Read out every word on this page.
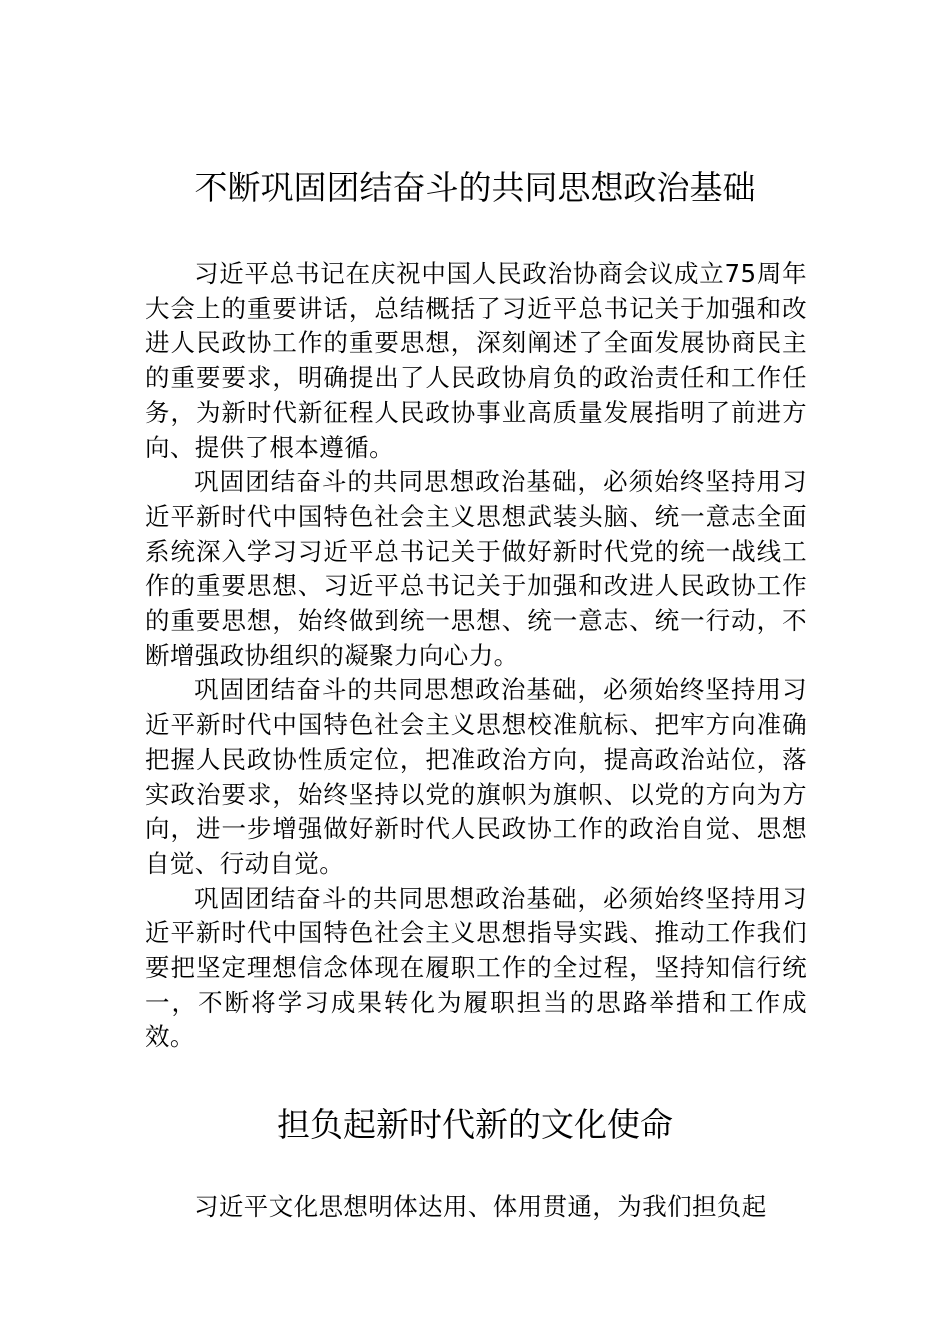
不断巩固团结奋斗的共同思想政治基础

习近平总书记在庆祝中国人民政治协商会议成立75周年大会上的重要讲话，总结概括了习近平总书记关于加强和改进人民政协工作的重要思想，深刻阐述了全面发展协商民主的重要要求，明确提出了人民政协肩负的政治责任和工作任务，为新时代新征程人民政协事业高质量发展指明了前进方向、提供了根本遵循。

巩固团结奋斗的共同思想政治基础，必须始终坚持用习近平新时代中国特色社会主义思想武装头脑、统一意志全面系统深入学习习近平总书记关于做好新时代党的统一战线工作的重要思想、习近平总书记关于加强和改进人民政协工作的重要思想，始终做到统一思想、统一意志、统一行动，不断增强政协组织的凝聚力向心力。

巩固团结奋斗的共同思想政治基础，必须始终坚持用习近平新时代中国特色社会主义思想校准航标、把牢方向准确把握人民政协性质定位，把准政治方向，提高政治站位，落实政治要求，始终坚持以党的旗帜为旗帜、以党的方向为方向，进一步增强做好新时代人民政协工作的政治自觉、思想自觉、行动自觉。

巩固团结奋斗的共同思想政治基础，必须始终坚持用习近平新时代中国特色社会主义思想指导实践、推动工作我们要把坚定理想信念体现在履职工作的全过程，坚持知信行统一，不断将学习成果转化为履职担当的思路举措和工作成效。

担负起新时代新的文化使命

习近平文化思想明体达用、体用贯通，为我们担负起
